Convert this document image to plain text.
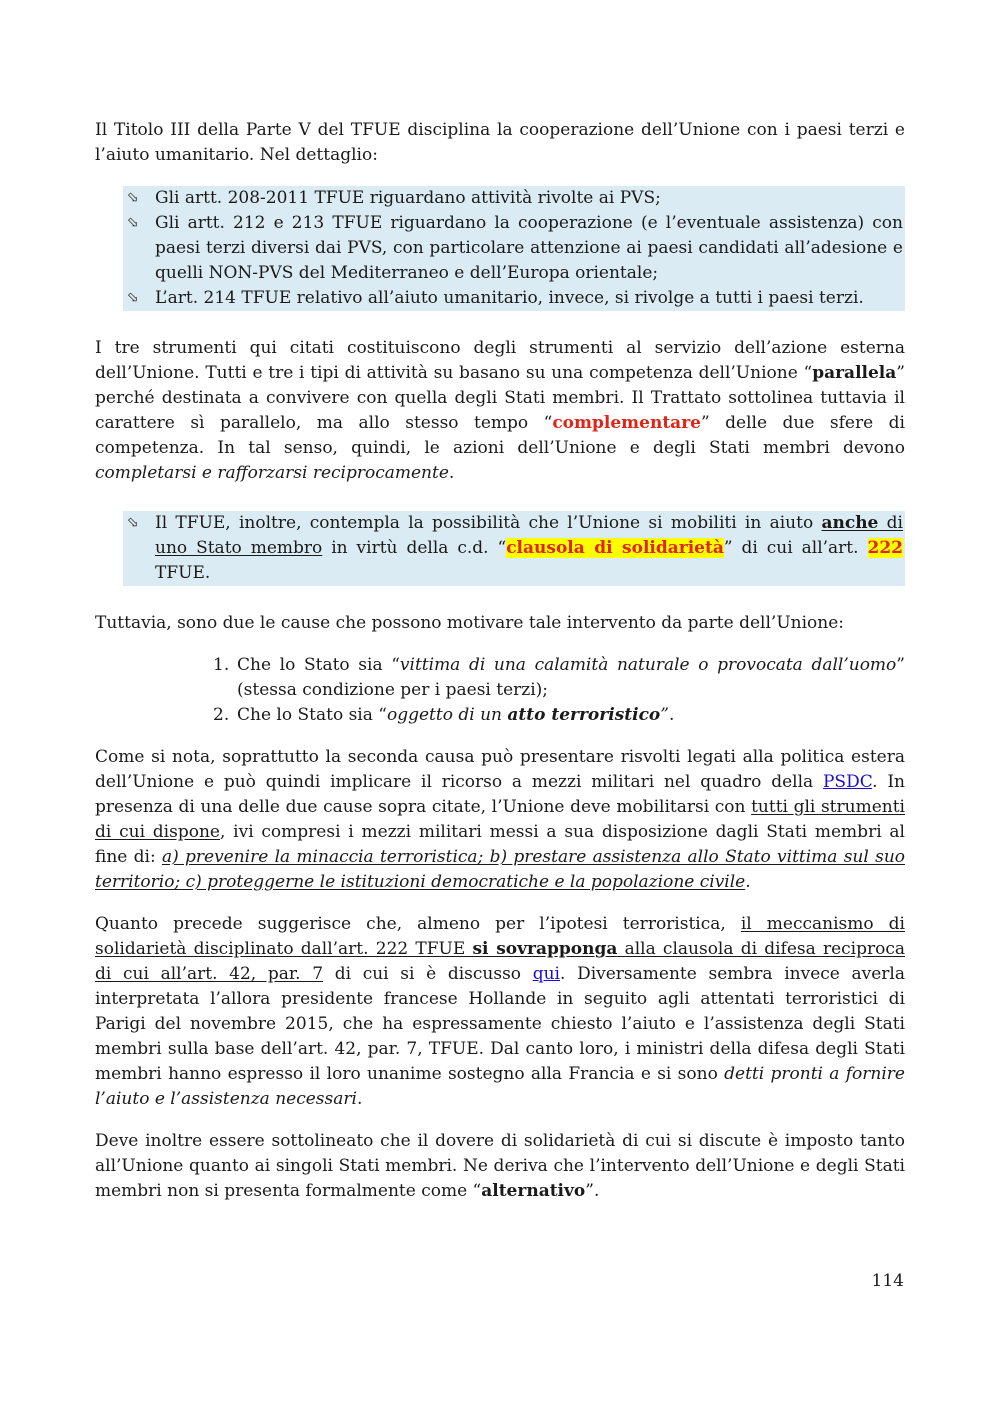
Il Titolo III della Parte V del TFUE disciplina la cooperazione dell’Unione con i paesi terzi e l’aiuto umanitario. Nel dettaglio:

⬂ Gli artt. 208-2011 TFUE riguardano attività rivolte ai PVS;
⬂ Gli artt. 212 e 213 TFUE riguardano la cooperazione (e l’eventuale assistenza) con paesi terzi diversi dai PVS, con particolare attenzione ai paesi candidati all’adesione e quelli NON-PVS del Mediterraneo e dell’Europa orientale;
⬂ L’art. 214 TFUE relativo all’aiuto umanitario, invece, si rivolge a tutti i paesi terzi.

I tre strumenti qui citati costituiscono degli strumenti al servizio dell’azione esterna dell’Unione. Tutti e tre i tipi di attività su basano su una competenza dell’Unione “parallela” perché destinata a convivere con quella degli Stati membri. Il Trattato sottolinea tuttavia il carattere sì parallelo, ma allo stesso tempo “complementare” delle due sfere di competenza. In tal senso, quindi, le azioni dell’Unione e degli Stati membri devono completarsi e rafforzarsi reciprocamente.

⬂ Il TFUE, inoltre, contempla la possibilità che l’Unione si mobiliti in aiuto anche di uno Stato membro in virtù della c.d. “clausola di solidarietà” di cui all’art. 222 TFUE.

Tuttavia, sono due le cause che possono motivare tale intervento da parte dell’Unione:

1. Che lo Stato sia “vittima di una calamità naturale o provocata dall’uomo” (stessa condizione per i paesi terzi);
2. Che lo Stato sia “oggetto di un atto terroristico”.

Come si nota, soprattutto la seconda causa può presentare risvolti legati alla politica estera dell’Unione e può quindi implicare il ricorso a mezzi militari nel quadro della PSDC. In presenza di una delle due cause sopra citate, l’Unione deve mobilitarsi con tutti gli strumenti di cui dispone, ivi compresi i mezzi militari messi a sua disposizione dagli Stati membri al fine di: a) prevenire la minaccia terroristica; b) prestare assistenza allo Stato vittima sul suo territorio; c) proteggerne le istituzioni democratiche e la popolazione civile.

Quanto precede suggerisce che, almeno per l’ipotesi terroristica, il meccanismo di solidarietà disciplinato dall’art. 222 TFUE si sovrapponga alla clausola di difesa reciproca di cui all’art. 42, par. 7 di cui si è discusso qui. Diversamente sembra invece averla interpretata l’allora presidente francese Hollande in seguito agli attentati terroristici di Parigi del novembre 2015, che ha espressamente chiesto l’aiuto e l’assistenza degli Stati membri sulla base dell’art. 42, par. 7, TFUE. Dal canto loro, i ministri della difesa degli Stati membri hanno espresso il loro unanime sostegno alla Francia e si sono detti pronti a fornire l’aiuto e l’assistenza necessari.

Deve inoltre essere sottolineato che il dovere di solidarietà di cui si discute è imposto tanto all’Unione quanto ai singoli Stati membri. Ne deriva che l’intervento dell’Unione e degli Stati membri non si presenta formalmente come “alternativo”.

114
